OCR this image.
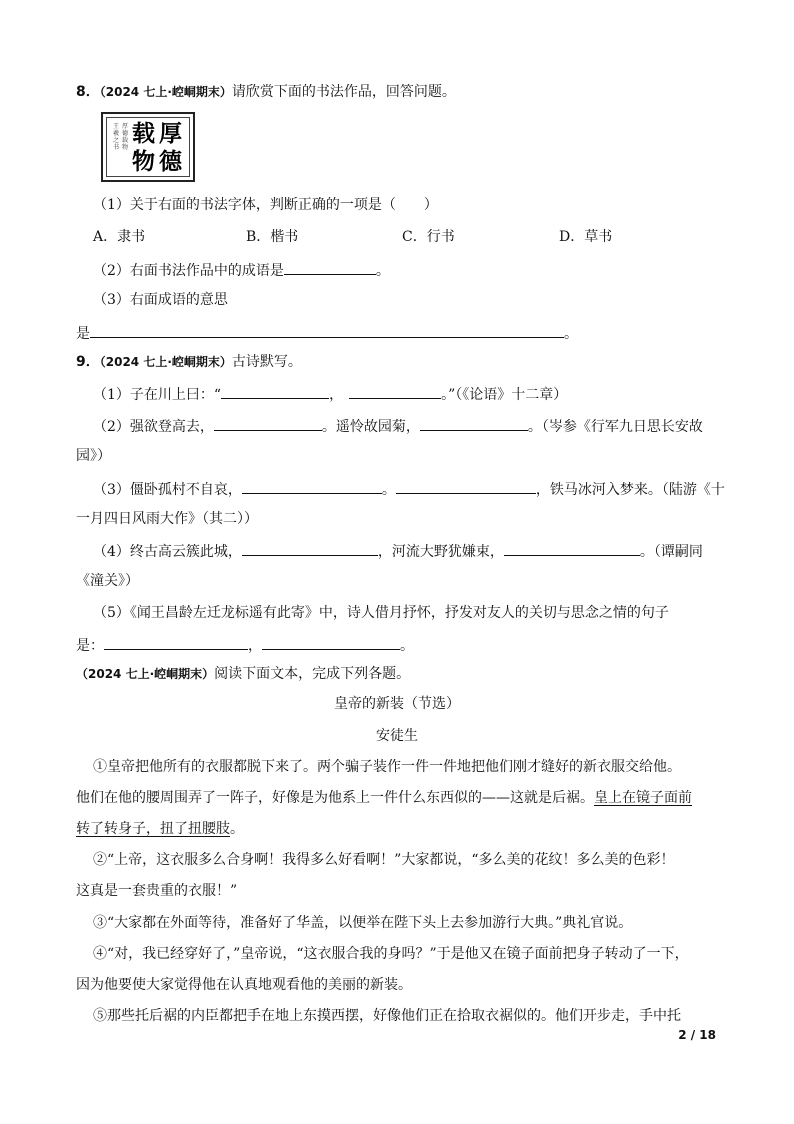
8．（2024 七上·崆峒期末）请欣赏下面的书法作品，回答问题。
王羲之书
厚德载物
厚
德
载
物
（1）关于右面的书法字体，判断正确的一项是（　　）
A．隶书	B．楷书	C．行书	D．草书
（2）右面书法作品中的成语是	。
（3）右面成语的意思
是	。
9．（2024 七上·崆峒期末）古诗默写。
（1）子在川上曰：“	，	。”（《论语》十二章）
（2）强欲登高去，	。遥怜故园菊，	。（岑参《行军九日思长安故
园》）
（3）僵卧孤村不自哀，	。	，铁马冰河入梦来。（陆游《十
一月四日风雨大作》（其二））
（4）终古高云簇此城，	，河流大野犹嫌束，	。（谭嗣同
《潼关》）
（5）《闻王昌龄左迁龙标遥有此寄》中，诗人借月抒怀，抒发对友人的关切与思念之情的句子
是：	，	。
（2024 七上·崆峒期末）阅读下面文本，完成下列各题。
皇帝的新装（节选）
安徒生
①皇帝把他所有的衣服都脱下来了。两个骗子装作一件一件地把他们刚才缝好的新衣服交给他。
他们在他的腰周围弄了一阵子，好像是为他系上一件什么东西似的——这就是后裾。皇上在镜子面前
转了转身子，扭了扭腰肢。
②“上帝，这衣服多么合身啊！我得多么好看啊！”大家都说，“多么美的花纹！多么美的色彩！
这真是一套贵重的衣服！”
③“大家都在外面等待，准备好了华盖，以便举在陛下头上去参加游行大典。”典礼官说。
④“对，我已经穿好了，”皇帝说，“这衣服合我的身吗？”于是他又在镜子面前把身子转动了一下，
因为他要使大家觉得他在认真地观看他的美丽的新装。
⑤那些托后裾的内臣都把手在地上东摸西摆，好像他们正在拾取衣裾似的。他们开步走，手中托
2 / 18
